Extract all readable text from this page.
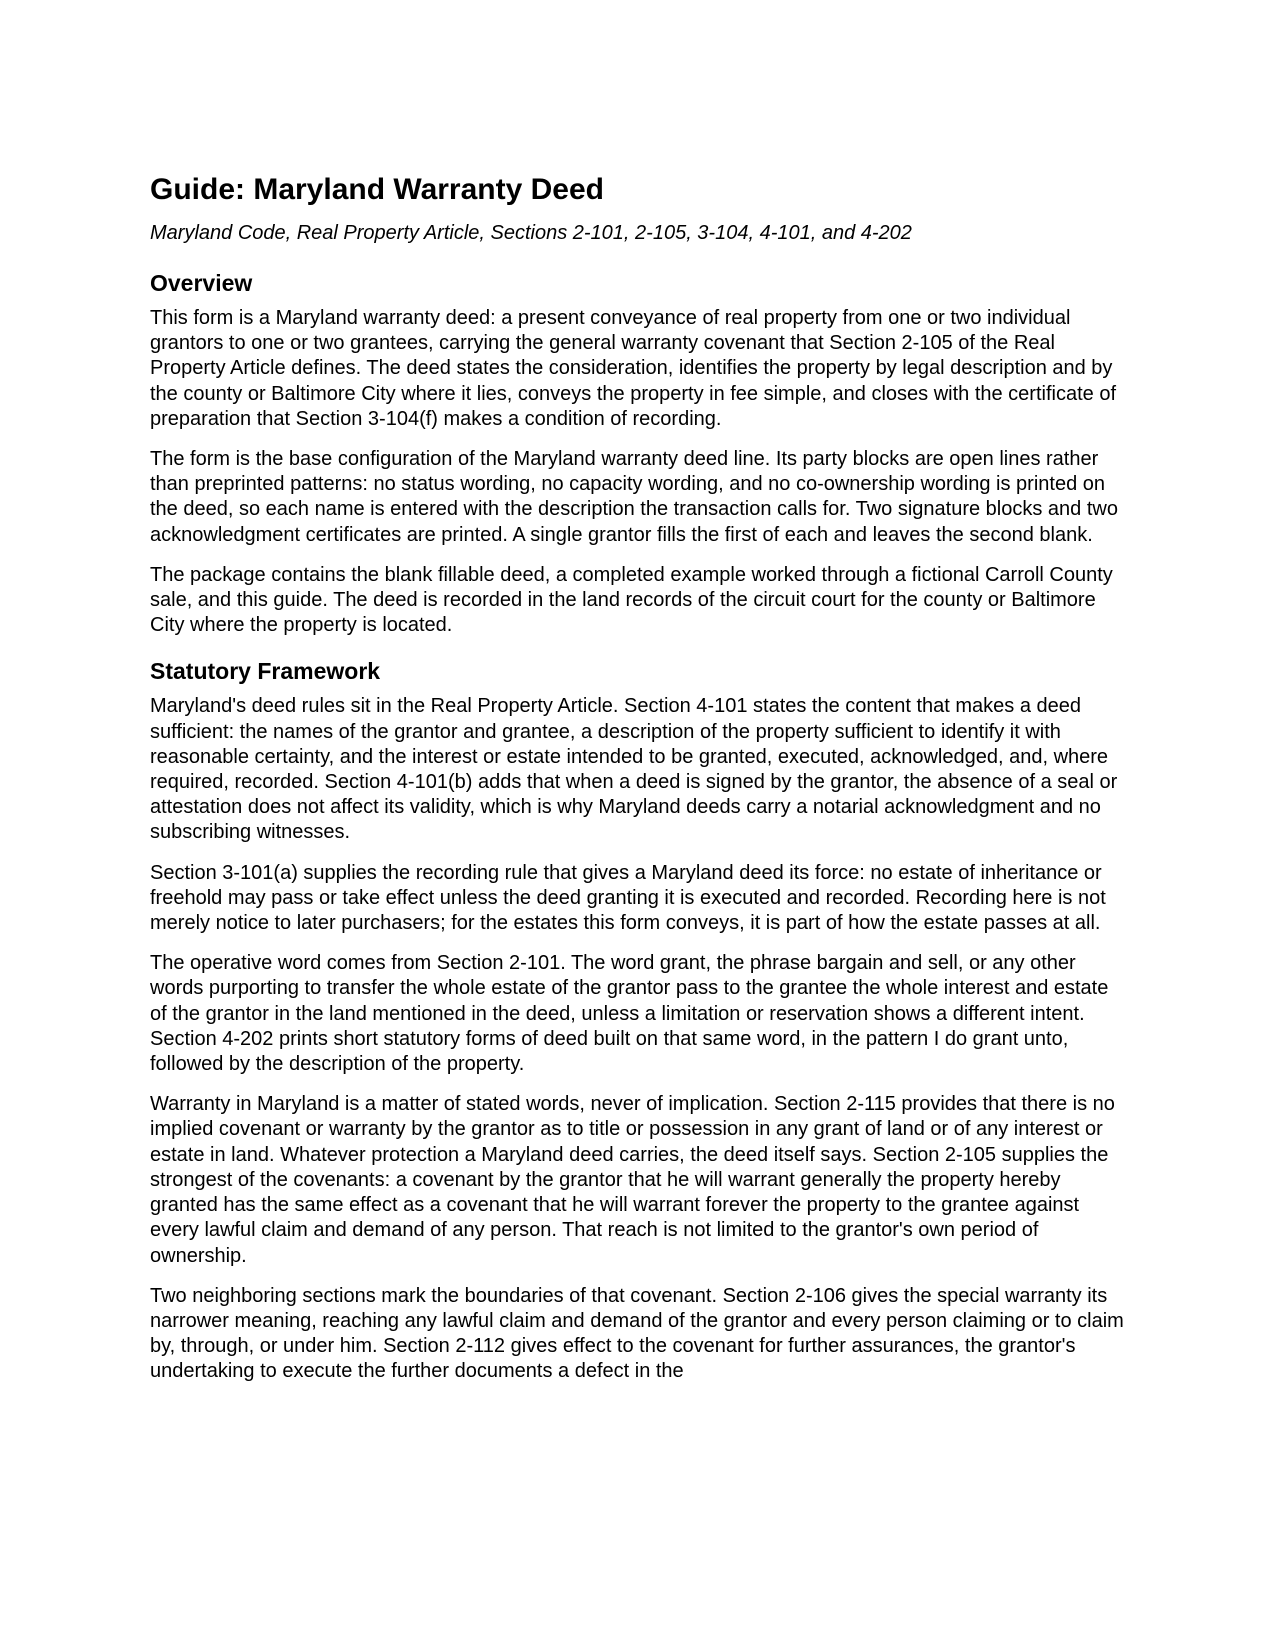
Guide: Maryland Warranty Deed

Maryland Code, Real Property Article, Sections 2-101, 2-105, 3-104, 4-101, and 4-202

Overview

This form is a Maryland warranty deed: a present conveyance of real property from one or two individual grantors to one or two grantees, carrying the general warranty covenant that Section 2-105 of the Real Property Article defines. The deed states the consideration, identifies the property by legal description and by the county or Baltimore City where it lies, conveys the property in fee simple, and closes with the certificate of preparation that Section 3-104(f) makes a condition of recording.

The form is the base configuration of the Maryland warranty deed line. Its party blocks are open lines rather than preprinted patterns: no status wording, no capacity wording, and no co-ownership wording is printed on the deed, so each name is entered with the description the transaction calls for. Two signature blocks and two acknowledgment certificates are printed. A single grantor fills the first of each and leaves the second blank.

The package contains the blank fillable deed, a completed example worked through a fictional Carroll County sale, and this guide. The deed is recorded in the land records of the circuit court for the county or Baltimore City where the property is located.

Statutory Framework

Maryland's deed rules sit in the Real Property Article. Section 4-101 states the content that makes a deed sufficient: the names of the grantor and grantee, a description of the property sufficient to identify it with reasonable certainty, and the interest or estate intended to be granted, executed, acknowledged, and, where required, recorded. Section 4-101(b) adds that when a deed is signed by the grantor, the absence of a seal or attestation does not affect its validity, which is why Maryland deeds carry a notarial acknowledgment and no subscribing witnesses.

Section 3-101(a) supplies the recording rule that gives a Maryland deed its force: no estate of inheritance or freehold may pass or take effect unless the deed granting it is executed and recorded. Recording here is not merely notice to later purchasers; for the estates this form conveys, it is part of how the estate passes at all.

The operative word comes from Section 2-101. The word grant, the phrase bargain and sell, or any other words purporting to transfer the whole estate of the grantor pass to the grantee the whole interest and estate of the grantor in the land mentioned in the deed, unless a limitation or reservation shows a different intent. Section 4-202 prints short statutory forms of deed built on that same word, in the pattern I do grant unto, followed by the description of the property.

Warranty in Maryland is a matter of stated words, never of implication. Section 2-115 provides that there is no implied covenant or warranty by the grantor as to title or possession in any grant of land or of any interest or estate in land. Whatever protection a Maryland deed carries, the deed itself says. Section 2-105 supplies the strongest of the covenants: a covenant by the grantor that he will warrant generally the property hereby granted has the same effect as a covenant that he will warrant forever the property to the grantee against every lawful claim and demand of any person. That reach is not limited to the grantor's own period of ownership.

Two neighboring sections mark the boundaries of that covenant. Section 2-106 gives the special warranty its narrower meaning, reaching any lawful claim and demand of the grantor and every person claiming or to claim by, through, or under him. Section 2-112 gives effect to the covenant for further assurances, the grantor's undertaking to execute the further documents a defect in the
